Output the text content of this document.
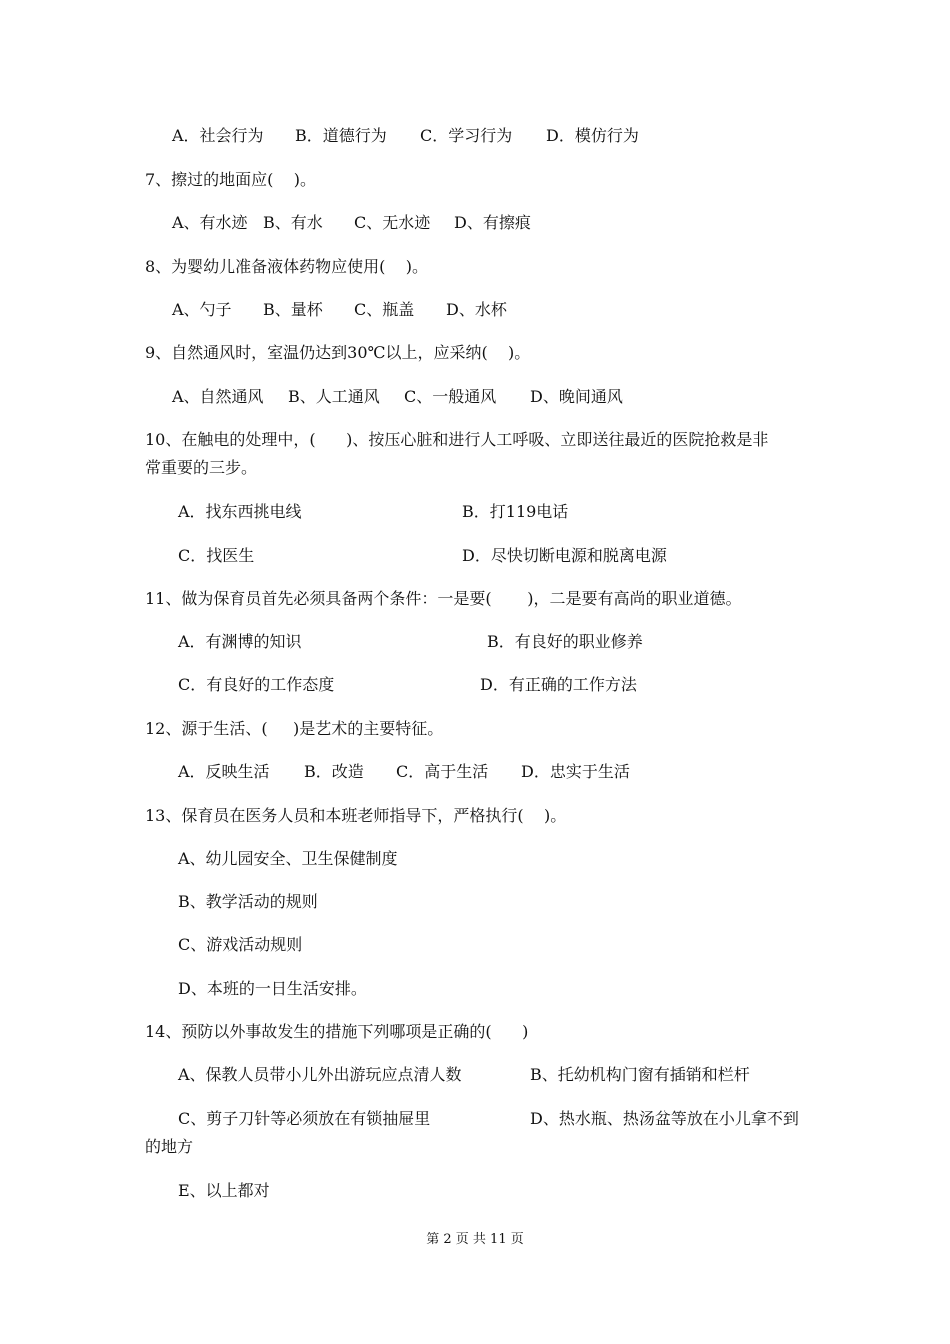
A．社会行为 B．道德行为 C．学习行为 D．模仿行为
7、擦过的地面应(    )。
A、有水迹 B、有水 C、无水迹 D、有擦痕
8、为婴幼儿准备液体药物应使用(    )。
A、勺子 B、量杯 C、瓶盖 D、水杯
9、自然通风时，室温仍达到30℃以上，应采纳(    )。
A、自然通风 B、人工通风 C、一般通风 D、晚间通风
10、在触电的处理中，(      )、按压心脏和进行人工呼吸、立即送往最近的医院抢救是非
常重要的三步。
A．找东西挑电线	B．打119电话
C．找医生	D．尽快切断电源和脱离电源
11、做为保育员首先必须具备两个条件：一是要(       )，二是要有高尚的职业道德。
A．有渊博的知识	B．有良好的职业修养
C．有良好的工作态度	D．有正确的工作方法
12、源于生活、(     )是艺术的主要特征。
A．反映生活 B．改造 C．高于生活 D．忠实于生活
13、保育员在医务人员和本班老师指导下，严格执行(    )。
A、幼儿园安全、卫生保健制度
B、教学活动的规则
C、游戏活动规则
D、本班的一日生活安排。
14、预防以外事故发生的措施下列哪项是正确的(      )
A、保教人员带小儿外出游玩应点清人数	B、托幼机构门窗有插销和栏杆
C、剪子刀针等必须放在有锁抽屉里	D、热水瓶、热汤盆等放在小儿拿不到
的地方
E、以上都对
第 2 页 共 11 页
